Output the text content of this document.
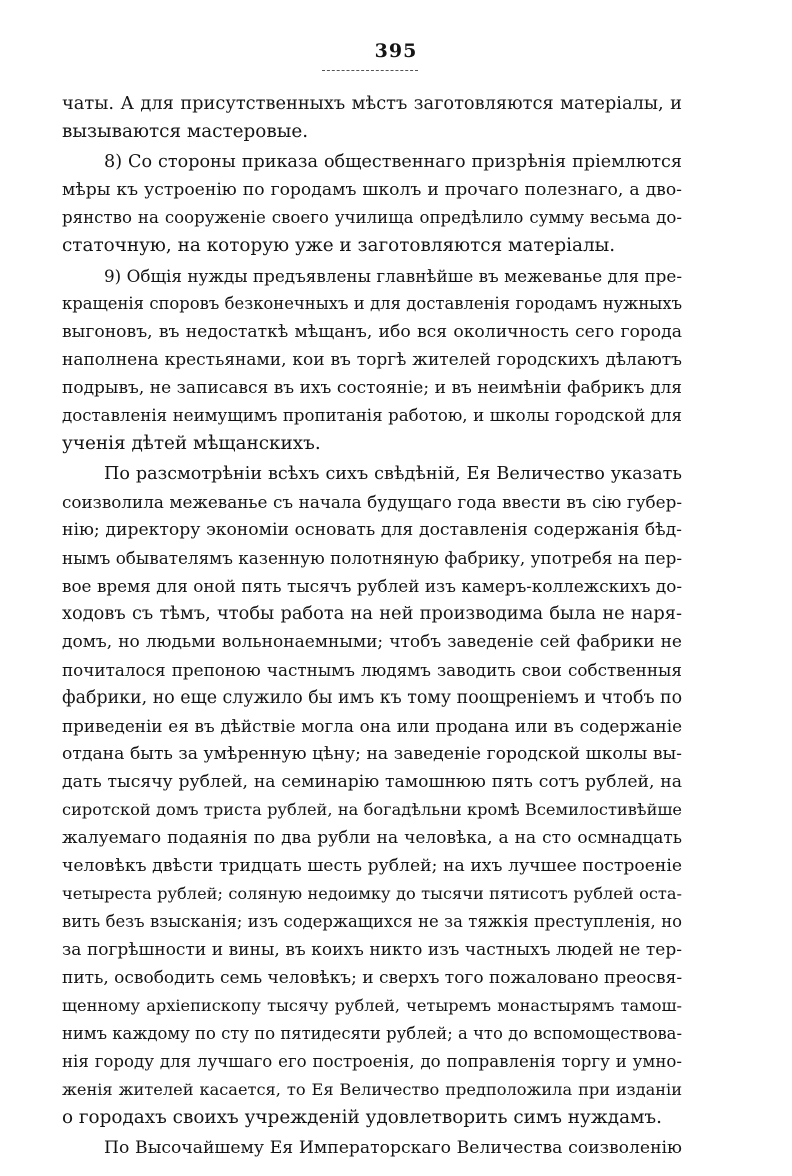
395
чаты. А для присутственныхъ мѣстъ заготовляются матеріалы, и
вызываются мастеровые.
8) Со стороны приказа общественнаго призрѣнія пріемлются
мѣры къ устроенію по городамъ школъ и прочаго полезнаго, а дво-
рянство на сооруженіе своего училища опредѣлило сумму весьма до-
статочную, на которую уже и заготовляются матеріалы.
9) Общія нужды предъявлены главнѣйше въ межеванье для пре-
кращенія споровъ безконечныхъ и для доставленія городамъ нужныхъ
выгоновъ, въ недостаткѣ мѣщанъ, ибо вся околичность сего города
наполнена крестьянами, кои въ торгѣ жителей городскихъ дѣлаютъ
подрывъ, не записався въ ихъ состояніе; и въ неимѣніи фабрикъ для
доставленія неимущимъ пропитанія работою, и школы городской для
ученія дѣтей мѣщанскихъ.
По разсмотрѣніи всѣхъ сихъ свѣдѣній, Ея Величество указать
соизволила межеванье съ начала будущаго года ввести въ сію губер-
нію; директору экономіи основать для доставленія содержанія бѣд-
нымъ обывателямъ казенную полотняную фабрику, употребя на пер-
вое время для оной пять тысячъ рублей изъ камеръ-коллежскихъ до-
ходовъ съ тѣмъ, чтобы работа на ней производима была не наря-
домъ, но людьми вольнонаемными; чтобъ заведеніе сей фабрики не
почиталося препоною частнымъ людямъ заводить свои собственныя
фабрики, но еще служило бы имъ къ тому поощреніемъ и чтобъ по
приведеніи ея въ дѣйствіе могла она или продана или въ содержаніе
отдана быть за умѣренную цѣну; на заведеніе городской школы вы-
дать тысячу рублей, на семинарію тамошнюю пять сотъ рублей, на
сиротской домъ триста рублей, на богадѣльни кромѣ Всемилостивѣйше
жалуемаго подаянія по два рубли на человѣка, а на сто осмнадцать
человѣкъ двѣсти тридцать шесть рублей; на ихъ лучшее построеніе
четыреста рублей; соляную недоимку до тысячи пятисотъ рублей оста-
вить безъ взысканія; изъ содержащихся не за тяжкія преступленія, но
за погрѣшности и вины, въ коихъ никто изъ частныхъ людей не тер-
пить, освободить семь человѣкъ; и сверхъ того пожаловано преосвя-
щенному архіепископу тысячу рублей, четыремъ монастырямъ тамош-
нимъ каждому по сту по пятидесяти рублей; а что до вспомоществова-
нія городу для лучшаго его построенія, до поправленія торгу и умно-
женія жителей касается, то Ея Величество предположила при изданіи
о городахъ своихъ учрежденій удовлетворить симъ нуждамъ.
По Высочайшему Ея Императорскаго Величества соизволенію
